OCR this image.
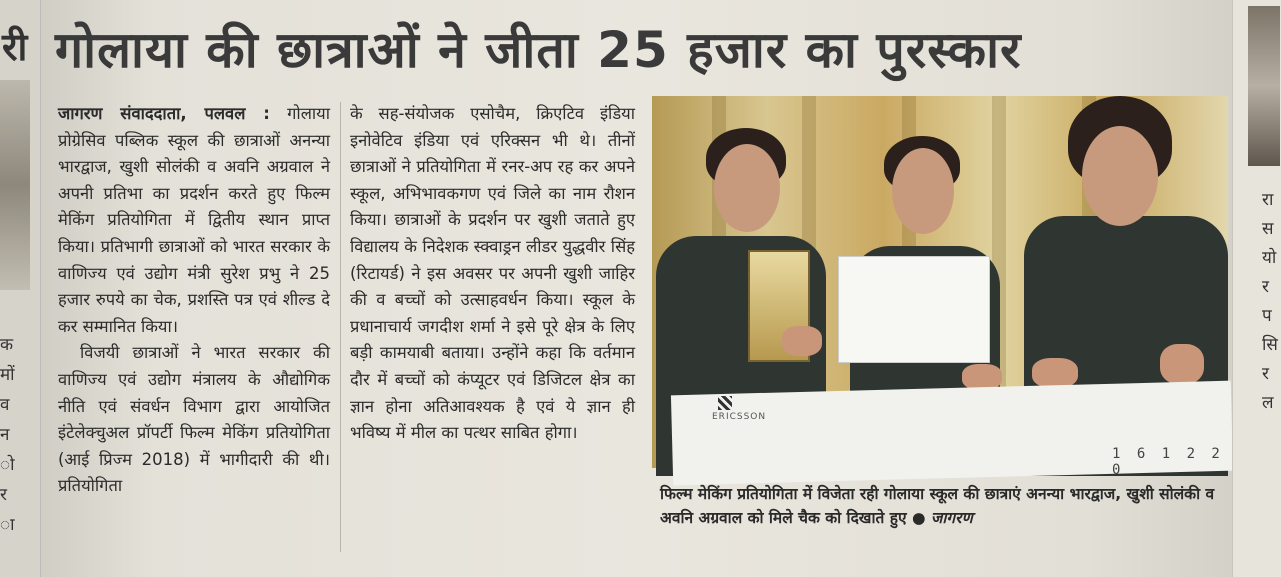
री
क
मों
व
न
ो
र
ा
गोलाया की छात्राओं ने जीता 25 हजार का पुरस्कार

जागरण संवाददाता, पलवल : गोलाया प्रोग्रेसिव पब्लिक स्कूल की छात्राओं अनन्या भारद्वाज, खुशी सोलंकी व अवनि अग्रवाल ने अपनी प्रतिभा का प्रदर्शन करते हुए फिल्म मेकिंग प्रतियोगिता में द्वितीय स्थान प्राप्त किया। प्रतिभागी छात्राओं को भारत सरकार के वाणिज्य एवं उद्योग मंत्री सुरेश प्रभु ने 25 हजार रुपये का चेक, प्रशस्ति पत्र एवं शील्ड दे कर सम्मानित किया।

विजयी छात्राओं ने भारत सरकार की वाणिज्य एवं उद्योग मंत्रालय के औद्योगिक नीति एवं संवर्धन विभाग द्वारा आयोजित इंटेलेक्चुअल प्रॉपर्टी फिल्म मेकिंग प्रतियोगिता (आई प्रिज्म 2018) में भागीदारी की थी। प्रतियोगिता

के सह-संयोजक एसोचैम, क्रिएटिव इंडिया इनोवेटिव इंडिया एवं एरिक्सन भी थे। तीनों छात्राओं ने प्रतियोगिता में रनर-अप रह कर अपने स्कूल, अभिभावकगण एवं जिले का नाम रौशन किया। छात्राओं के प्रदर्शन पर खुशी जताते हुए विद्यालय के निदेशक स्क्वाड्रन लीडर युद्धवीर सिंह (रिटायर्ड) ने इस अवसर पर अपनी खुशी जाहिर की व बच्चों को उत्साहवर्धन किया। स्कूल के प्रधानाचार्य जगदीश शर्मा ने इसे पूरे क्षेत्र के लिए बड़ी कामयाबी बताया। उन्होंने कहा कि वर्तमान दौर में बच्चों को कंप्यूटर एवं डिजिटल क्षेत्र का ज्ञान होना अतिआवश्यक है एवं ये ज्ञान ही भविष्य में मील का पत्थर साबित होगा।

ERICSSON
1 6 1 2 2 0
फिल्म मेकिंग प्रतियोगिता में विजेता रही गोलाया स्कूल की छात्राएं अनन्या भारद्वाज, खुशी सोलंकी व अवनि अग्रवाल को मिले चैक को दिखाते हुए ● जागरण
रा
स
यो
र
प
सि
र
ल
